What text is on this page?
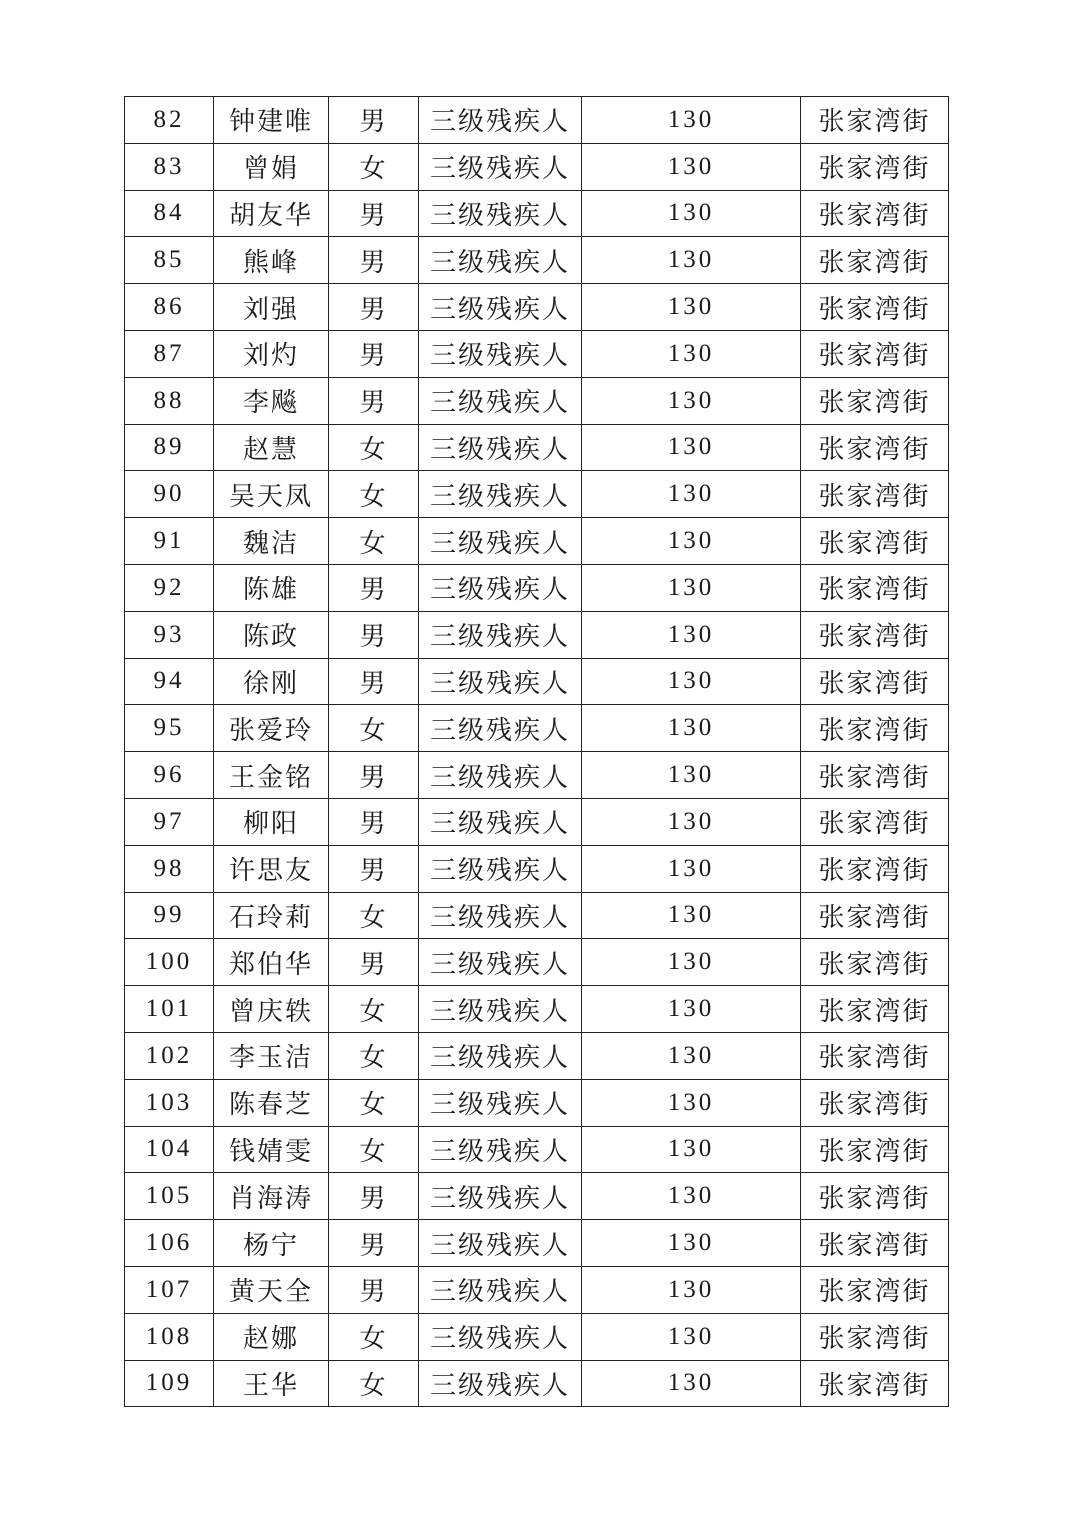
82	钟建唯	男	三级残疾人	130	张家湾街
83	曾娟	女	三级残疾人	130	张家湾街
84	胡友华	男	三级残疾人	130	张家湾街
85	熊峰	男	三级残疾人	130	张家湾街
86	刘强	男	三级残疾人	130	张家湾街
87	刘灼	男	三级残疾人	130	张家湾街
88	李飚	男	三级残疾人	130	张家湾街
89	赵慧	女	三级残疾人	130	张家湾街
90	吴天凤	女	三级残疾人	130	张家湾街
91	魏洁	女	三级残疾人	130	张家湾街
92	陈雄	男	三级残疾人	130	张家湾街
93	陈政	男	三级残疾人	130	张家湾街
94	徐刚	男	三级残疾人	130	张家湾街
95	张爱玲	女	三级残疾人	130	张家湾街
96	王金铭	男	三级残疾人	130	张家湾街
97	柳阳	男	三级残疾人	130	张家湾街
98	许思友	男	三级残疾人	130	张家湾街
99	石玲莉	女	三级残疾人	130	张家湾街
100	郑伯华	男	三级残疾人	130	张家湾街
101	曾庆轶	女	三级残疾人	130	张家湾街
102	李玉洁	女	三级残疾人	130	张家湾街
103	陈春芝	女	三级残疾人	130	张家湾街
104	钱婧雯	女	三级残疾人	130	张家湾街
105	肖海涛	男	三级残疾人	130	张家湾街
106	杨宁	男	三级残疾人	130	张家湾街
107	黄天全	男	三级残疾人	130	张家湾街
108	赵娜	女	三级残疾人	130	张家湾街
109	王华	女	三级残疾人	130	张家湾街
